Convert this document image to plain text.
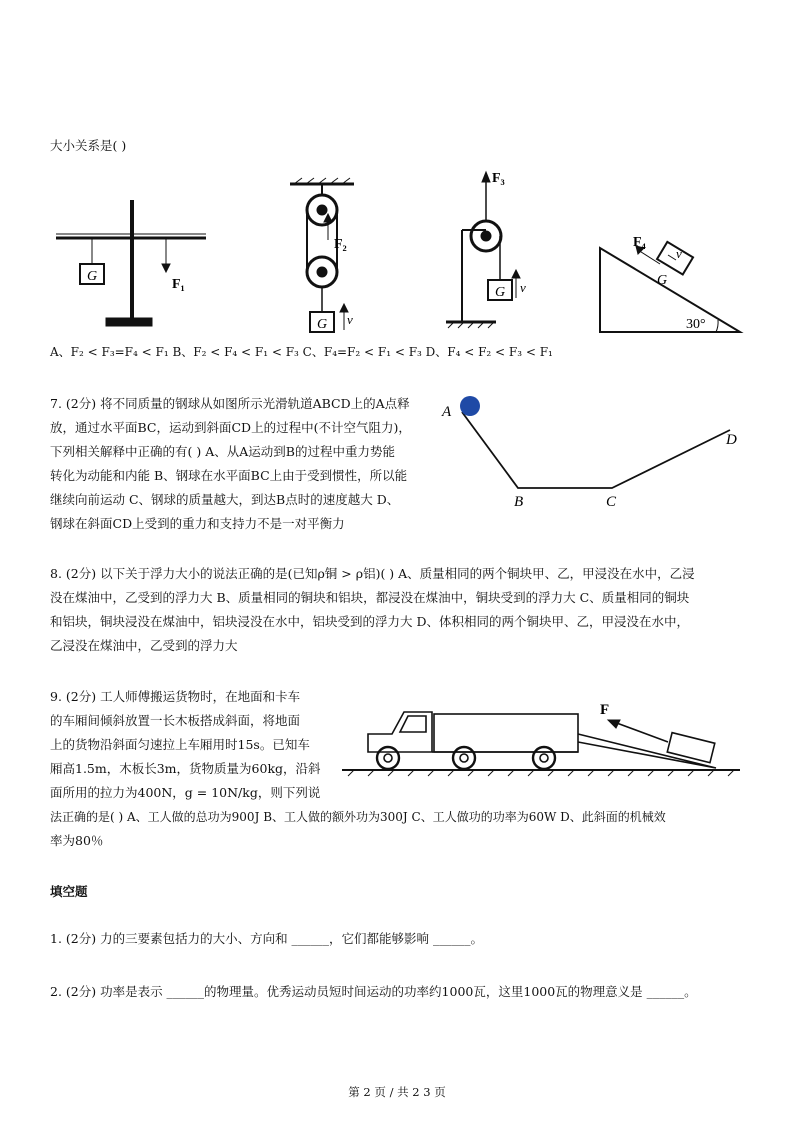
大小关系是( )
G
F₁
F₂
G v
F₃
G v
F₄
G
v
30°
A、F₂ < F₃=F₄ < F₁ B、F₂ < F₄ < F₁ < F₃ C、F₄=F₂ < F₁ < F₃ D、F₄ < F₂ < F₃ < F₁
7. (2分) 将不同质量的钢球从如图所示光滑轨道ABCD上的A点释
放，通过水平面BC，运动到斜面CD上的过程中(不计空气阻力)，
下列相关解释中正确的有( ) A、从A运动到B的过程中重力势能
转化为动能和内能 B、钢球在水平面BC上由于受到惯性，所以能
继续向前运动 C、钢球的质量越大，到达B点时的速度越大 D、
钢球在斜面CD上受到的重力和支持力不是一对平衡力
A
B	C
D
8. (2分) 以下关于浮力大小的说法正确的是(已知ρ铜 > ρ铝)( ) A、质量相同的两个铜块甲、乙，甲浸没在水中，乙浸
没在煤油中，乙受到的浮力大 B、质量相同的铜块和铝块，都浸没在煤油中，铜块受到的浮力大 C、质量相同的铜块
和铝块，铜块浸没在煤油中，铝块浸没在水中，铝块受到的浮力大 D、体积相同的两个铜块甲、乙，甲浸没在水中，
乙浸没在煤油中，乙受到的浮力大
9. (2分) 工人师傅搬运货物时，在地面和卡车
的车厢间倾斜放置一长木板搭成斜面，将地面
上的货物沿斜面匀速拉上车厢用时15s。已知车
厢高1.5m，木板长3m，货物质量为60kg，沿斜
面所用的拉力为400N，g = 10N/kg，则下列说
法正确的是( ) A、工人做的总功为900J B、工人做的额外功为300J C、工人做功的功率为60W D、此斜面的机械效
率为80％
F
填空题
1. (2分) 力的三要素包括力的大小、方向和 ______，它们都能够影响 ______。
2. (2分) 功率是表示 ______的物理量。优秀运动员短时间运动的功率约1000瓦，这里1000瓦的物理意义是 ______。
第 2 页 / 共 2 3 页
